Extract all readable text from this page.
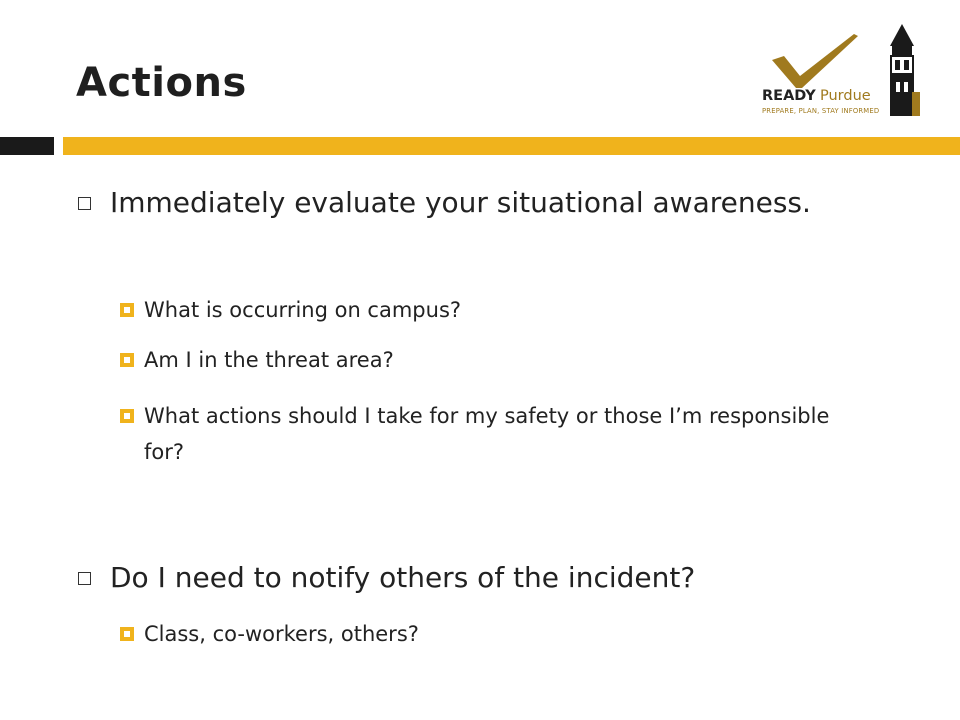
Actions	READY Purdue
PREPARE, PLAN, STAY INFORMED
Immediately evaluate your situational awareness.
What is occurring on campus?
Am I in the threat area?
What actions should I take for my safety or those I’m responsible for?
Do I need to notify others of the incident?
Class, co-workers, others?
